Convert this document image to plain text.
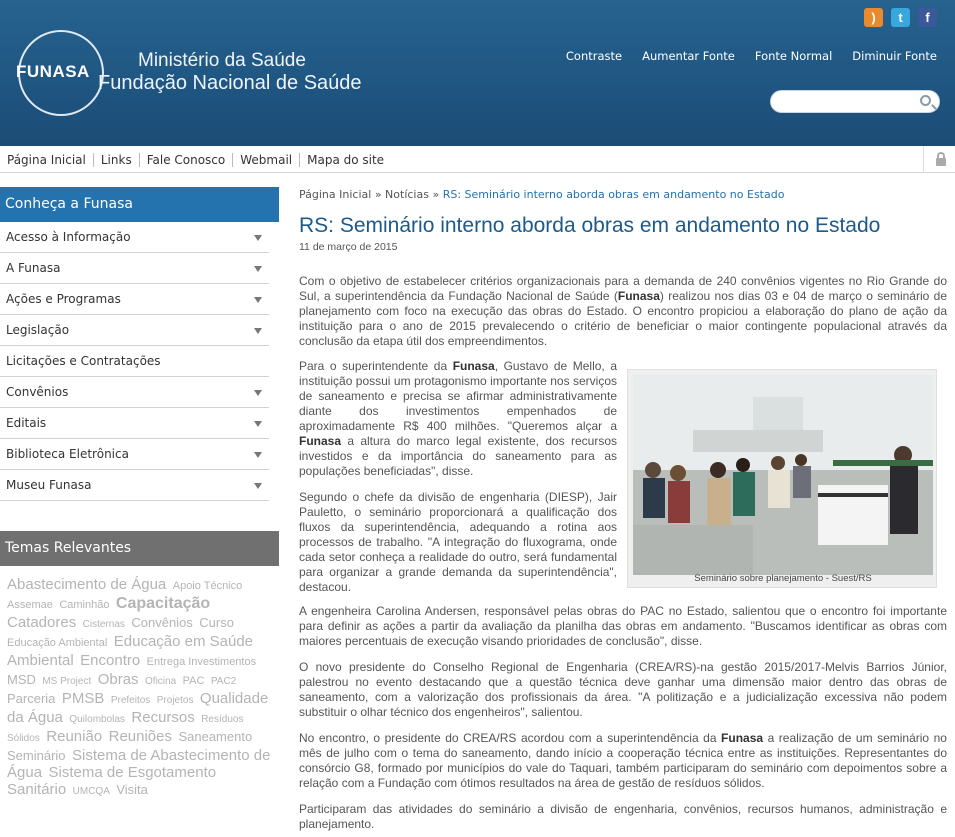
FUNASA
Ministério da Saúde
Fundação Nacional de Saúde
)	t	f
Contraste Aumentar Fonte Fonte Normal Diminuir Fonte
Página Inicial	Links	Fale Conosco	Webmail	Mapa do site
Conheça a Funasa
Acesso à Informação
A Funasa
Ações e Programas
Legislação
Licitações e Contratações
Convênios
Editais
Biblioteca Eletrônica
Museu Funasa
Temas Relevantes
Abastecimento de Água Apoio Técnico Assemae Caminhão Capacitação Catadores Cisternas Convênios Curso Educação Ambiental Educação em Saúde Ambiental Encontro Entrega Investimentos MSD MS Project Obras Oficina PAC PAC2 Parceria PMSB Prefeitos Projetos Qualidade da Água Quilombolas Recursos Resíduos Sólidos Reunião Reuniões Saneamento Seminário Sistema de Abastecimento de Água Sistema de Esgotamento Sanitário UMCQA Visita
Página Inicial » Notícias » RS: Seminário interno aborda obras em andamento no Estado
RS: Seminário interno aborda obras em andamento no Estado
11 de março de 2015
Com o objetivo de estabelecer critérios organizacionais para a demanda de 240 convênios vigentes no Rio Grande do Sul, a superintendência da Fundação Nacional de Saúde (Funasa) realizou nos dias 03 e 04 de março o seminário de planejamento com foco na execução das obras do Estado. O encontro propiciou a elaboração do plano de ação da instituição para o ano de 2015 prevalecendo o critério de beneficiar o maior contingente populacional através da conclusão da etapa útil dos empreendimentos.
Para o superintendente da Funasa, Gustavo de Mello, a instituição possui um protagonismo importante nos serviços de saneamento e precisa se afirmar administrativamente diante dos investimentos empenhados de aproximadamente R$ 400 milhões. "Queremos alçar a Funasa a altura do marco legal existente, dos recursos investidos e da importância do saneamento para as populações beneficiadas", disse.
Segundo o chefe da divisão de engenharia (DIESP), Jair Pauletto, o seminário proporcionará a qualificação dos fluxos da superintendência, adequando a rotina aos processos de trabalho. "A integração do fluxograma, onde cada setor conheça a realidade do outro, será fundamental para organizar a grande demanda da superintendência", destacou.
Seminário sobre planejamento - Suest/RS
A engenheira Carolina Andersen, responsável pelas obras do PAC no Estado, salientou que o encontro foi importante para definir as ações a partir da avaliação da planilha das obras em andamento. "Buscamos identificar as obras com maiores percentuais de execução visando prioridades de conclusão", disse.
O novo presidente do Conselho Regional de Engenharia (CREA/RS)-na gestão 2015/2017-Melvis Barrios Júnior, palestrou no evento destacando que a questão técnica deve ganhar uma dimensão maior dentro das obras de saneamento, com a valorização dos profissionais da área. "A politização e a judicialização excessiva não podem substituir o olhar técnico dos engenheiros", salientou.
No encontro, o presidente do CREA/RS acordou com a superintendência da Funasa a realização de um seminário no mês de julho com o tema do saneamento, dando início a cooperação técnica entre as instituições. Representantes do consórcio G8, formado por municípios do vale do Taquari, também participaram do seminário com depoimentos sobre a relação com a Fundação com ótimos resultados na área de gestão de resíduos sólidos.
Participaram das atividades do seminário a divisão de engenharia, convênios, recursos humanos, administração e planejamento.
